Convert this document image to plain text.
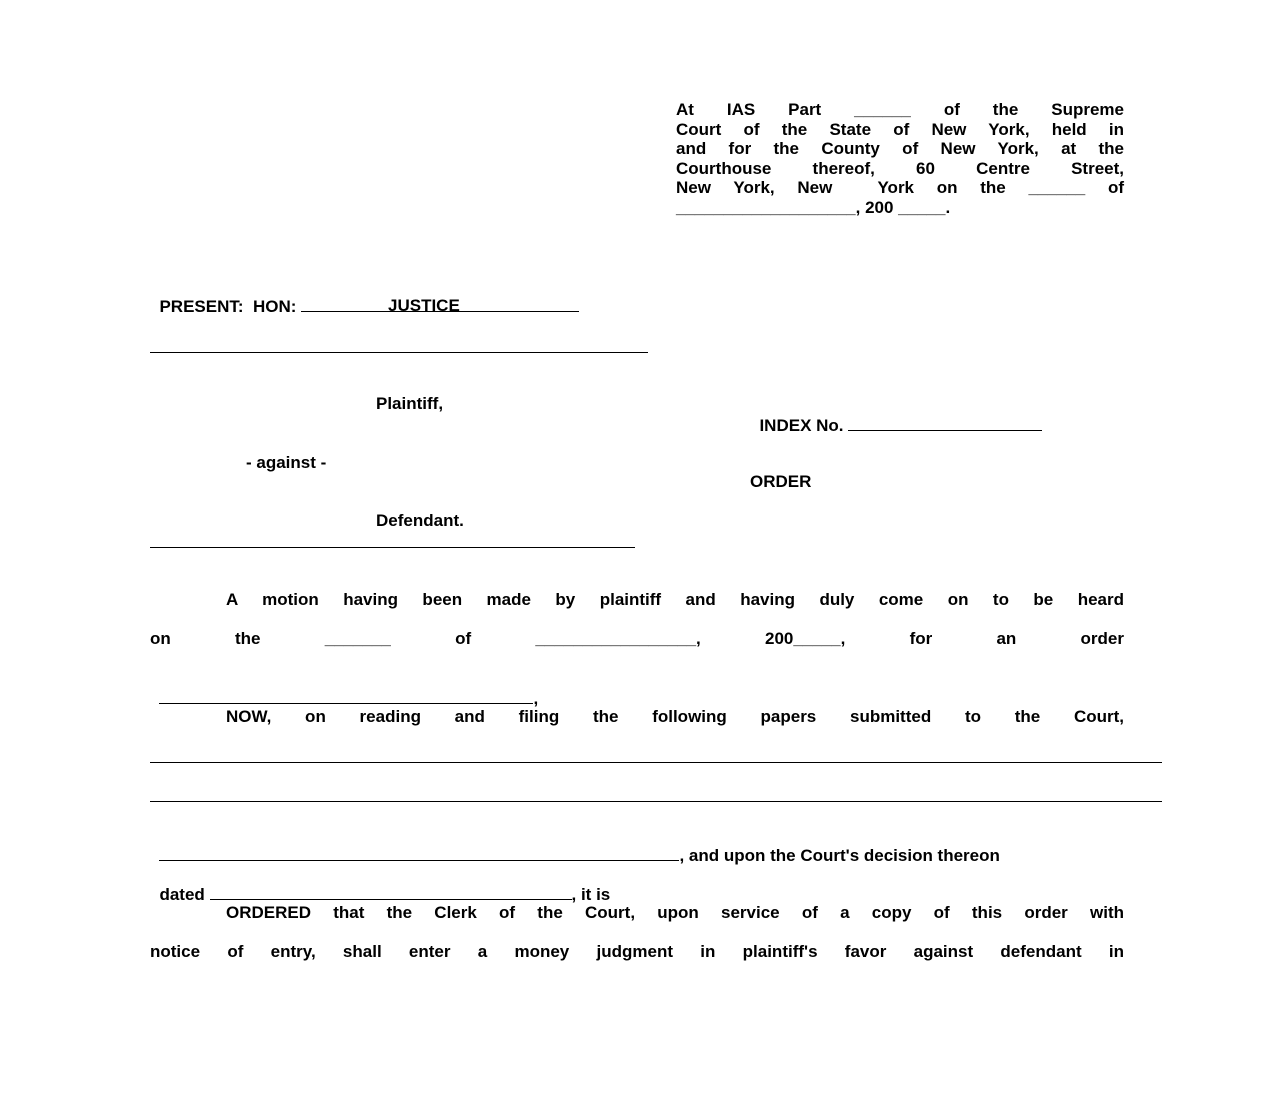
At IAS Part ______ of the Supreme
Court of the State of New York, held in
and for the County of New York, at the
Courthouse thereof, 60 Centre Street,
New York, New  York on the ______ of
___________________, 200 _____.

PRESENT:  HON:	JUSTICE
Plaintiff,
- against -
Defendant.

INDEX No.

ORDER
A motion having been made by plaintiff and having duly come on to be heard
on	the	_______	of	_________________,	200_____,	for	an	order

,

NOW, on reading and filing the following papers submitted to the Court,

, and upon the Court's decision thereon

dated	, it is

ORDERED that the Clerk of the Court, upon service of a copy of this order with
notice of entry, shall enter a money judgment in plaintiff's favor against defendant in
